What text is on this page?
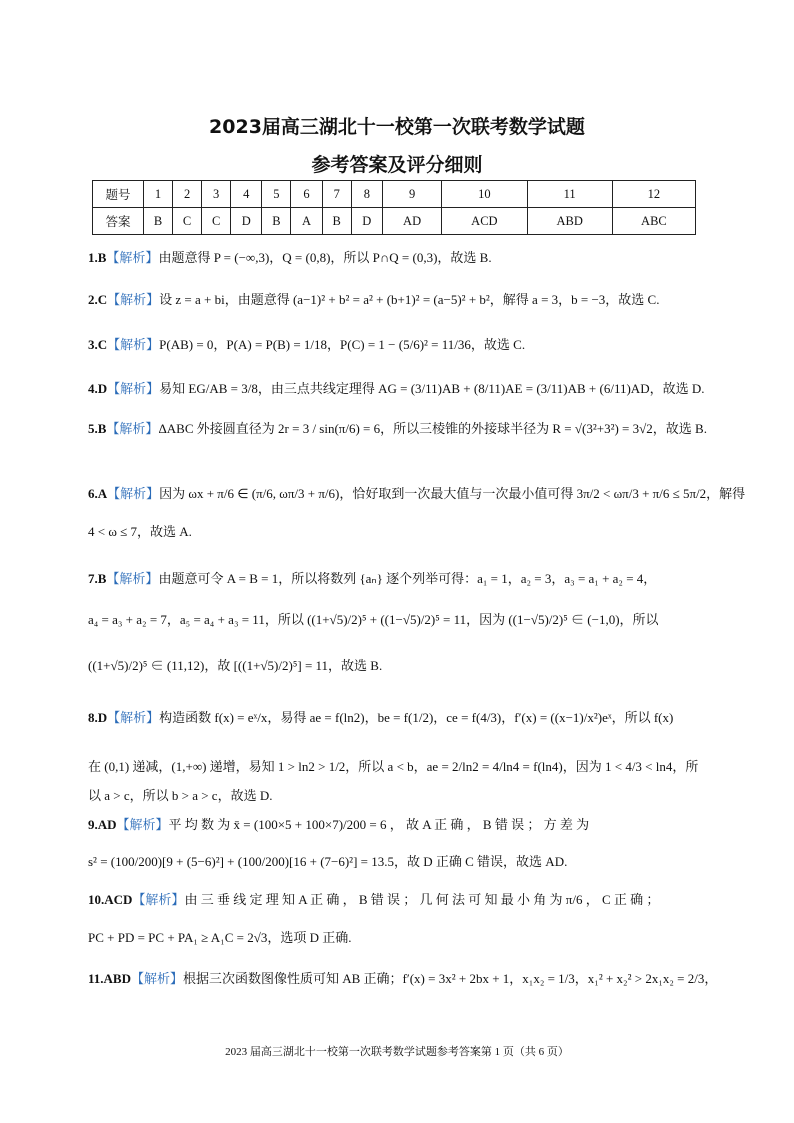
2023届高三湖北十一校第一次联考数学试题
参考答案及评分细则
题号	1	2	3	4	5	6	7	8	9	10	11	12
答案	B	C	C	D	B	A	B	D	AD	ACD	ABD	ABC
1.B【解析】由题意得 P = (−∞,3)，Q = (0,8)，所以 P∩Q = (0,3)，故选 B.
2.C【解析】设 z = a + bi，由题意得 (a−1)² + b² = a² + (b+1)² = (a−5)² + b²，解得 a = 3，b = −3，故选 C.
3.C【解析】P(AB) = 0，P(A) = P(B) = 1/18，P(C) = 1 − (5/6)² = 11/36，故选 C.
4.D【解析】易知 EG/AB = 3/8，由三点共线定理得 AG = (3/11)AB + (8/11)AE = (3/11)AB + (6/11)AD，故选 D.
5.B【解析】ΔABC 外接圆直径为 2r = 3 / sin(π/6) = 6，所以三棱锥的外接球半径为 R = √(3²+3²) = 3√2，故选 B.
6.A【解析】因为 ωx + π/6 ∈ (π/6, ωπ/3 + π/6)，恰好取到一次最大值与一次最小值可得 3π/2 < ωπ/3 + π/6 ≤ 5π/2，解得
4 < ω ≤ 7，故选 A.
7.B【解析】由题意可令 A = B = 1，所以将数列 {aₙ} 逐个列举可得：a₁ = 1，a₂ = 3，a₃ = a₁ + a₂ = 4，
a₄ = a₃ + a₂ = 7，a₅ = a₄ + a₃ = 11，所以 ((1+√5)/2)⁵ + ((1−√5)/2)⁵ = 11，因为 ((1−√5)/2)⁵ ∈ (−1,0)，所以
((1+√5)/2)⁵ ∈ (11,12)，故 [((1+√5)/2)⁵] = 11，故选 B.
8.D【解析】构造函数 f(x) = eˣ/x，易得 ae = f(ln2)，be = f(1/2)，ce = f(4/3)，f′(x) = ((x−1)/x²)eˣ，所以 f(x)
在 (0,1) 递减，(1,+∞) 递增，易知 1 > ln2 > 1/2，所以 a < b，ae = 2/ln2 = 4/ln4 = f(ln4)，因为 1 < 4/3 < ln4，所
以 a > c，所以 b > a > c，故选 D.
9.AD【解析】平 均 数 为 x̄ = (100×5 + 100×7)/200 = 6 ， 故 A 正 确 ， B 错 误 ； 方 差 为
s² = (100/200)[9 + (5−6)²] + (100/200)[16 + (7−6)²] = 13.5，故 D 正确 C 错误，故选 AD.
10.ACD【解析】由 三 垂 线 定 理 知 A 正 确 ， B 错 误 ； 几 何 法 可 知 最 小 角 为 π/6 ， C 正 确 ；
PC + PD = PC + PA₁ ≥ A₁C = 2√3，选项 D 正确.
11.ABD【解析】根据三次函数图像性质可知 AB 正确；f′(x) = 3x² + 2bx + 1，x₁x₂ = 1/3，x₁² + x₂² > 2x₁x₂ = 2/3，
2023 届高三湖北十一校第一次联考数学试题参考答案第 1 页（共 6 页）
